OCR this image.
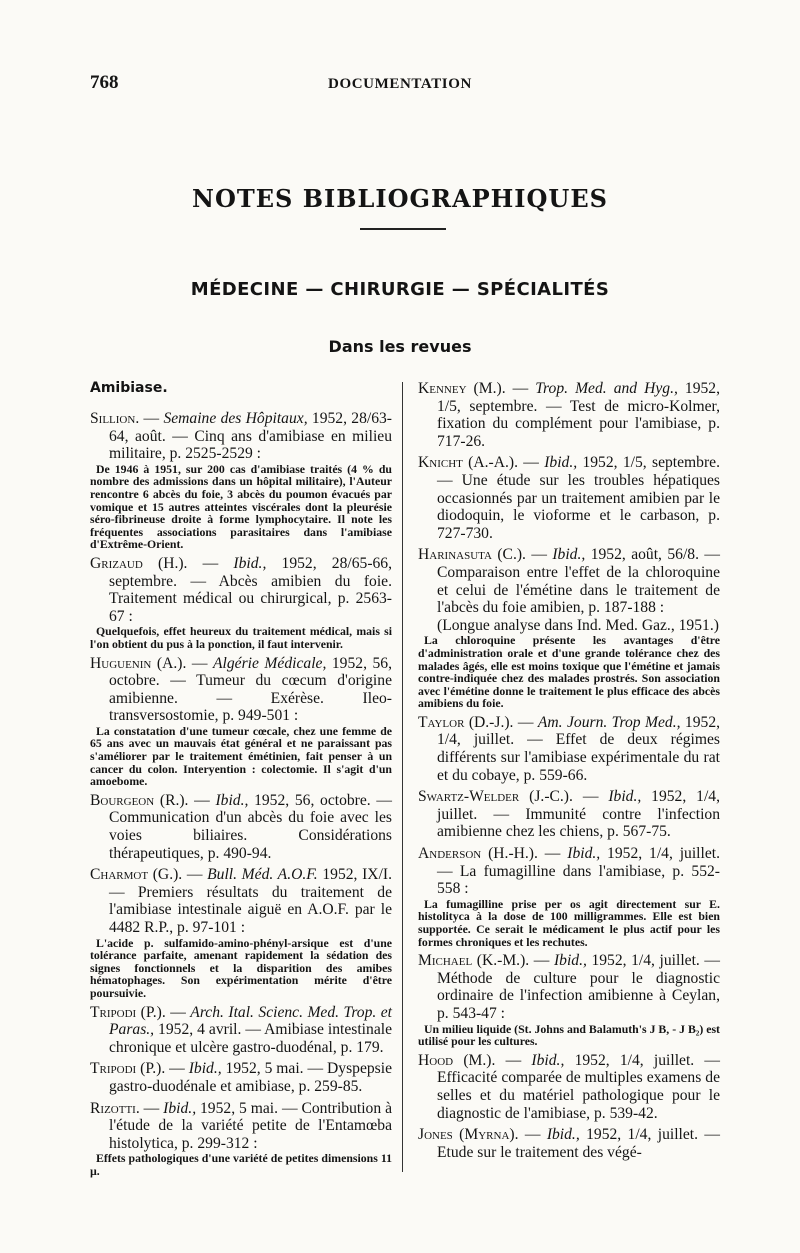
768	DOCUMENTATION
NOTES BIBLIOGRAPHIQUES
MÉDECINE — CHIRURGIE — SPÉCIALITÉS
Dans les revues
Amibiase.
Sillion. — Semaine des Hôpitaux, 1952, 28/63-64, août. — Cinq ans d'amibiase en milieu militaire, p. 2525-2529 :
De 1946 à 1951, sur 200 cas d'amibiase traités (4 % du nombre des admissions dans un hôpital militaire), l'Auteur rencontre 6 abcès du foie, 3 abcès du poumon évacués par vomique et 15 autres atteintes viscérales dont la pleurésie séro-fibrineuse droite à forme lymphocytaire. Il note les fréquentes associations parasitaires dans l'amibiase d'Extrême-Orient.
Grizaud (H.). — Ibid., 1952, 28/65-66, septembre. — Abcès amibien du foie. Traitement médical ou chirurgical, p. 2563-67 :
Quelquefois, effet heureux du traitement médical, mais si l'on obtient du pus à la ponction, il faut intervenir.
Huguenin (A.). — Algérie Médicale, 1952, 56, octobre. — Tumeur du cœcum d'origine amibienne. — Exérèse. Ileo-transversostomie, p. 949-501 :
La constatation d'une tumeur cœcale, chez une femme de 65 ans avec un mauvais état général et ne paraissant pas s'améliorer par le traitement émétinien, fait penser à un cancer du colon. Interyention : colectomie. Il s'agit d'un amoebome.
Bourgeon (R.). — Ibid., 1952, 56, octobre. — Communication d'un abcès du foie avec les voies biliaires. Considérations thérapeutiques, p. 490-94.
Charmot (G.). — Bull. Méd. A.O.F. 1952, IX/I. — Premiers résultats du traitement de l'amibiase intestinale aiguë en A.O.F. par le 4482 R.P., p. 97-101 :
L'acide p. sulfamido-amino-phényl-arsique est d'une tolérance parfaite, amenant rapidement la sédation des signes fonctionnels et la disparition des amibes hématophages. Son expérimentation mérite d'être poursuivie.
Tripodi (P.). — Arch. Ital. Scienc. Med. Trop. et Paras., 1952, 4 avril. — Amibiase intestinale chronique et ulcère gastro-duodénal, p. 179.
Tripodi (P.). — Ibid., 1952, 5 mai. — Dyspepsie gastro-duodénale et amibiase, p. 259-85.
Rizotti. — Ibid., 1952, 5 mai. — Contribution à l'étude de la variété petite de l'Entamœba histolytica, p. 299-312 :
Effets pathologiques d'une variété de petites dimensions 11 µ.
Kenney (M.). — Trop. Med. and Hyg., 1952, 1/5, septembre. — Test de micro-Kolmer, fixation du complément pour l'amibiase, p. 717-26.
Knicht (A.-A.). — Ibid., 1952, 1/5, septembre. — Une étude sur les troubles hépatiques occasionnés par un traitement amibien par le diodoquin, le vioforme et le carbason, p. 727-730.
Harinasuta (C.). — Ibid., 1952, août, 56/8. — Comparaison entre l'effet de la chloroquine et celui de l'émétine dans le traitement de l'abcès du foie amibien, p. 187-188 :
(Longue analyse dans Ind. Med. Gaz., 1951.)
La chloroquine présente les avantages d'être d'administration orale et d'une grande tolérance chez des malades âgés, elle est moins toxique que l'émétine et jamais contre-indiquée chez des malades prostrés. Son association avec l'émétine donne le traitement le plus efficace des abcès amibiens du foie.
Taylor (D.-J.). — Am. Journ. Trop Med., 1952, 1/4, juillet. — Effet de deux régimes différents sur l'amibiase expérimentale du rat et du cobaye, p. 559-66.
Swartz-Welder (J.-C.). — Ibid., 1952, 1/4, juillet. — Immunité contre l'infection amibienne chez les chiens, p. 567-75.
Anderson (H.-H.). — Ibid., 1952, 1/4, juillet. — La fumagilline dans l'amibiase, p. 552-558 :
La fumagilline prise per os agit directement sur E. histolityca à la dose de 100 milligrammes. Elle est bien supportée. Ce serait le médicament le plus actif pour les formes chroniques et les rechutes.
Michael (K.-M.). — Ibid., 1952, 1/4, juillet. — Méthode de culture pour le diagnostic ordinaire de l'infection amibienne à Ceylan, p. 543-47 :
Un milieu liquide (St. Johns and Balamuth's J B, - J B₂) est utilisé pour les cultures.
Hood (M.). — Ibid., 1952, 1/4, juillet. — Efficacité comparée de multiples examens de selles et du matériel pathologique pour le diagnostic de l'amibiase, p. 539-42.
Jones (Myrna). — Ibid., 1952, 1/4, juillet. — Etude sur le traitement des végé-
